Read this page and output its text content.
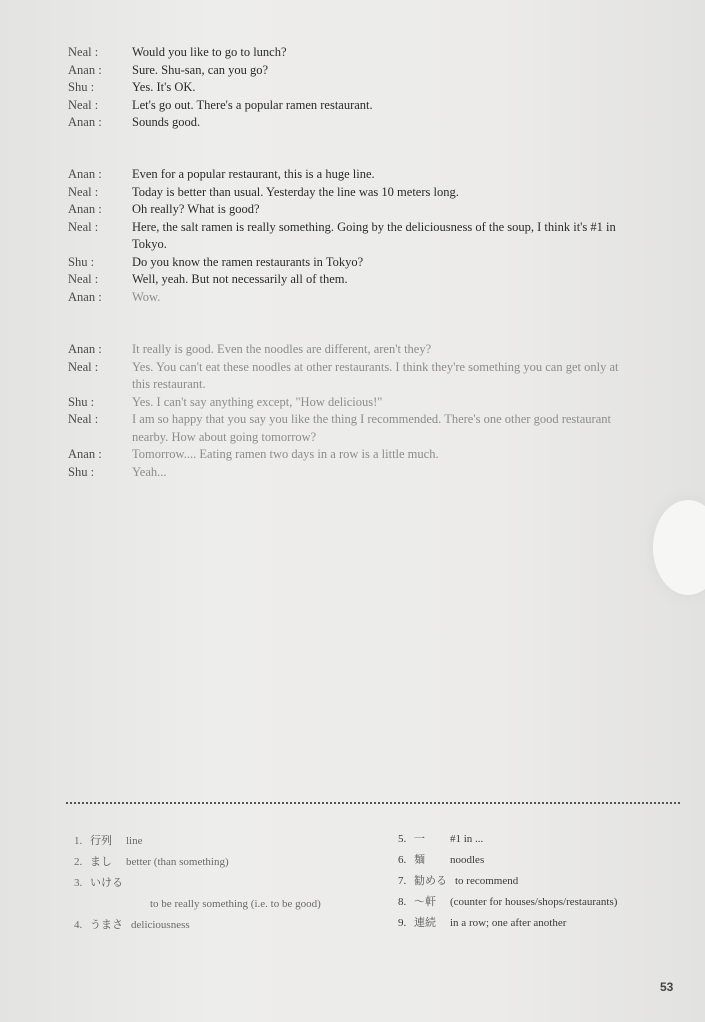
Neal :	Would you like to go to lunch?
Anan :	Sure. Shu-san, can you go?
Shu :	Yes. It's OK.
Neal :	Let's go out. There's a popular ramen restaurant.
Anan :	Sounds good.
Anan :	Even for a popular restaurant, this is a huge line.
Neal :	Today is better than usual. Yesterday the line was 10 meters long.
Anan :	Oh really? What is good?
Neal :	Here, the salt ramen is really something. Going by the deliciousness of the soup, I think it's #1 in
Tokyo.
Shu :	Do you know the ramen restaurants in Tokyo?
Neal :	Well, yeah. But not necessarily all of them.
Anan :	Wow.
Anan :	It really is good. Even the noodles are different, aren't they?
Neal :	Yes. You can't eat these noodles at other restaurants. I think they're something you can get only at
this restaurant.
Shu :	Yes. I can't say anything except, "How delicious!"
Neal :	I am so happy that you say you like the thing I recommended. There's one other good restaurant
nearby. How about going tomorrow?
Anan :	Tomorrow.... Eating ramen two days in a row is a little much.
Shu :	Yeah...
1. 行列 line
2. まし better (than something)
3. いける
to be really something (i.e. to be good)
4. うまさ deliciousness
5. 一 #1 in ...
6. 麺 noodles
7. 勧める to recommend
8. 〜軒 (counter for houses/shops/restaurants)
9. 連続 in a row; one after another
53
